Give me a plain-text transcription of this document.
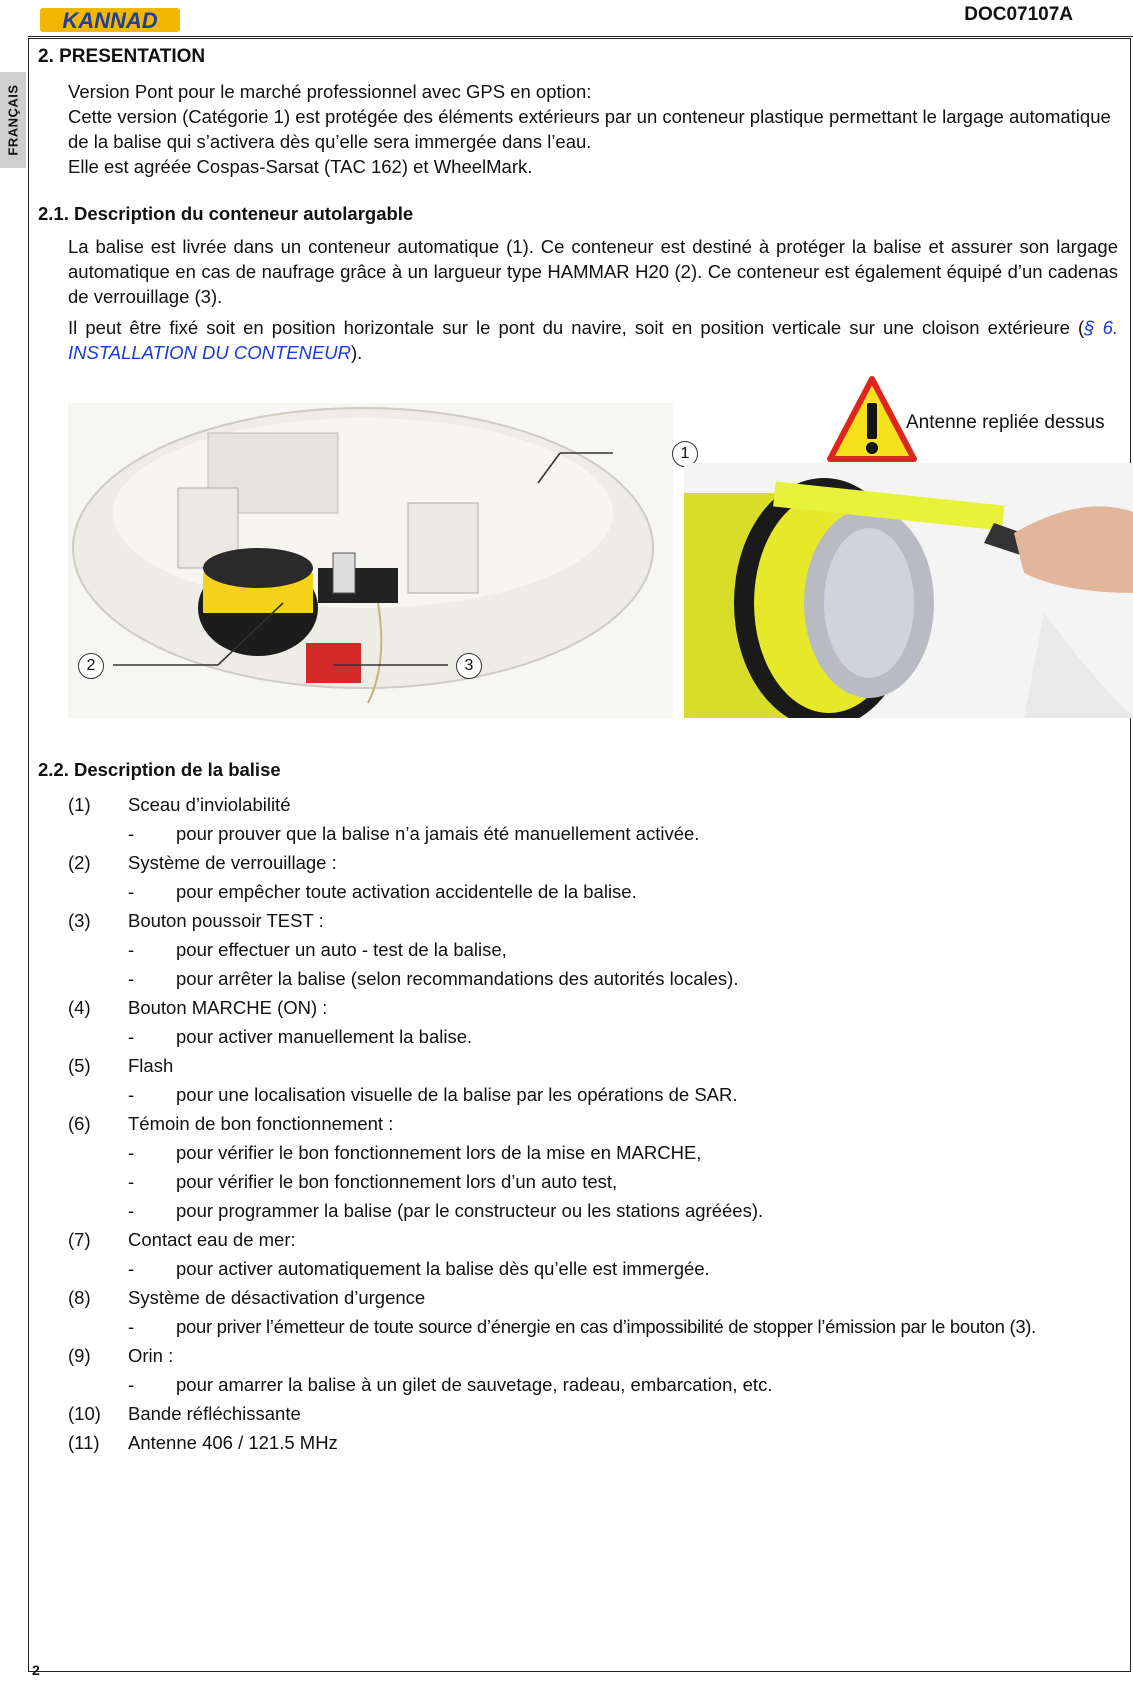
KANNAD	DOC07107A
FRANÇAIS
2
2. PRESENTATION

Version Pont pour le marché professionnel avec GPS en option:

Cette version (Catégorie 1) est protégée des éléments extérieurs par un conteneur plastique permettant le largage automatique de la balise qui s’activera dès qu’elle sera immergée dans l’eau.

Elle est agréée Cospas-Sarsat (TAC 162) et WheelMark.

2.1. Description du conteneur autolargable

La balise est livrée dans un conteneur automatique (1). Ce conteneur est destiné à protéger la balise et assurer son largage automatique en cas de naufrage grâce à un largueur type HAMMAR H20 (2). Ce conteneur est également équipé d’un cadenas de verrouillage (3).

Il peut être fixé soit en position horizontale sur le pont du navire, soit en position verticale sur une cloison extérieure (§ 6. INSTALLATION DU CONTENEUR).

1
2	3
Antenne repliée dessus
2.2. Description de la balise
(1)	Sceau d’inviolabilité
-	pour prouver que la balise n’a jamais été manuellement activée.
(2)	Système de verrouillage :
-	pour empêcher toute activation accidentelle de la balise.
(3)	Bouton poussoir TEST :
-	pour effectuer un auto - test de la balise,
-	pour arrêter la balise (selon recommandations des autorités locales).
(4)	Bouton MARCHE (ON) :
-	pour activer manuellement la balise.
(5)	Flash
-	pour une localisation visuelle de la balise par les opérations de SAR.
(6)	Témoin de bon fonctionnement :
-	pour vérifier le bon fonctionnement lors de la mise en MARCHE,
-	pour vérifier le bon fonctionnement lors d’un auto test,
-	pour programmer la balise (par le constructeur ou les stations agréées).
(7)	Contact eau de mer:
-	pour activer automatiquement la balise dès qu’elle est immergée.
(8)	Système de désactivation d’urgence
-	pour priver l’émetteur de toute source d’énergie en cas d’impossibilité de stopper l’émission par le bouton (3).
(9)	Orin :
-	pour amarrer la balise à un gilet de sauvetage, radeau, embarcation, etc.
(10)	Bande réfléchissante
(11)	Antenne 406 / 121.5 MHz
